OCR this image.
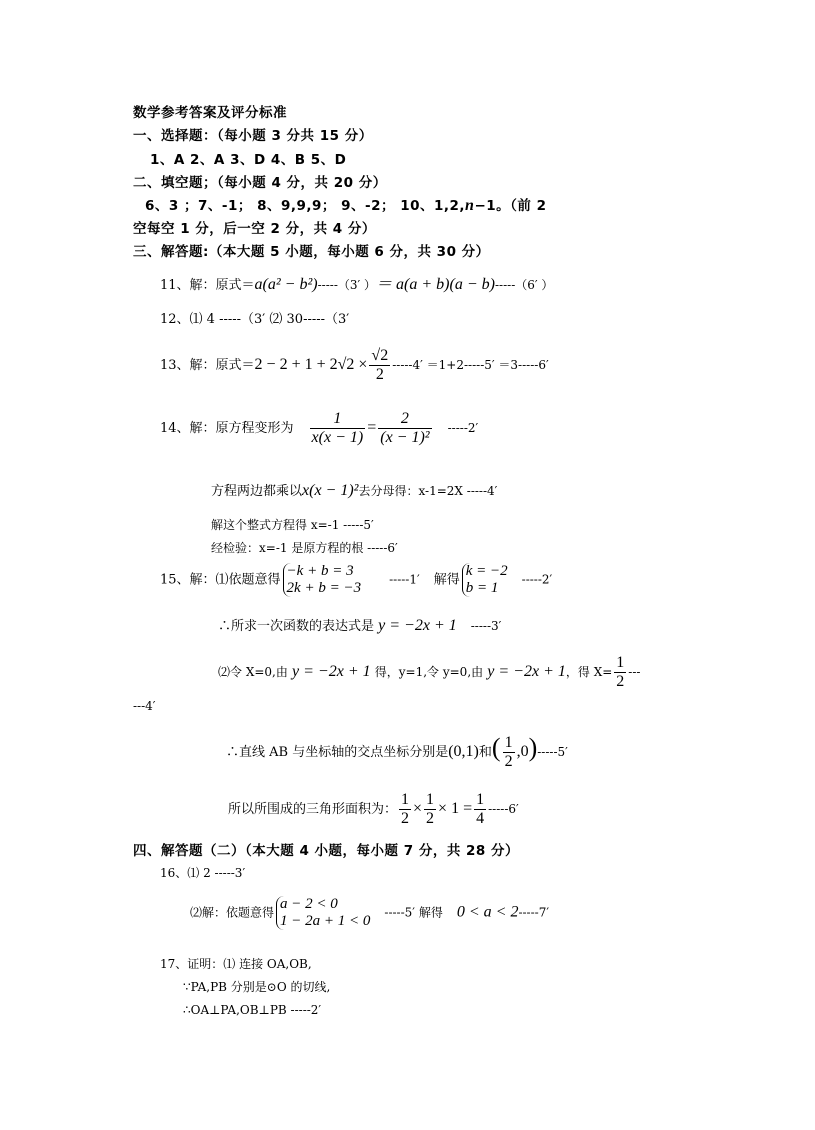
数学参考答案及评分标准
一、选择题：（每小题 3 分共 15 分）
1、A 2、A 3、D 4、B 5、D
二、填空题；（每小题 4 分，共 20 分）
6、3 ；7、-1； 8、9,9,9； 9、-2； 10、1,2,n−1。（前 2
空每空 1 分，后一空 2 分，共 4 分）
三、解答题:（本大题 5 小题，每小题 6 分，共 30 分）
11、解：原式＝a(a² − b²)-----（3′ ）＝ a(a + b)(a − b)-----（6′ ）
12、⑴ 4 -----（3′ ⑵ 30-----（3′
13、解：原式$=2 - 2 + 1 + 2√2 \times \frac{√2}{2} -----4' =1+2-----5' =3-----6'$
14、解：原方程变形为 $\frac{1}{x(x - 1)} = \frac{2}{\text{(x − 1)²}} -----2'$
方程两边都乘以x(x − 1)²去分母得：x-1=2X -----4′
解这个整式方程得 x=-1 -----5′
经检验：x=-1 是原方程的根 -----6′
15、解：⑴依题意得
−k + b = 3
2k + b = −3
-----1′ 解得
k = −2
b = 1
-----2′
∴所求一次函数的表达式是 y = −2x + 1 -----3′
⑵令 X=0,由 y = −2x + 1 得，y=1,令 y=0,由 y = −2x + 1，得 $X= \frac{1}{2}$ ---
---4′
∴直线 AB 与坐标轴的交点坐标分别是(0,1)和( $\frac{1}{2} ,0)-----5'$
所以所围成的三角形面积为： $\frac{1}{2} \times \frac{1}{2} \times 1 = \frac{1}{4} -----6'$
四、解答题（二）（本大题 4 小题，每小题 7 分，共 28 分）
16、⑴ 2 -----3′
⑵解：依题意得
a − 2 < 0
1 − 2a + 1 < 0
-----5′ 解得 0 < a < 2-----7′
17、证明：⑴ 连接 OA,OB,
∵PA,PB 分别是⊙O 的切线,
∴OA⊥PA,OB⊥PB -----2′
